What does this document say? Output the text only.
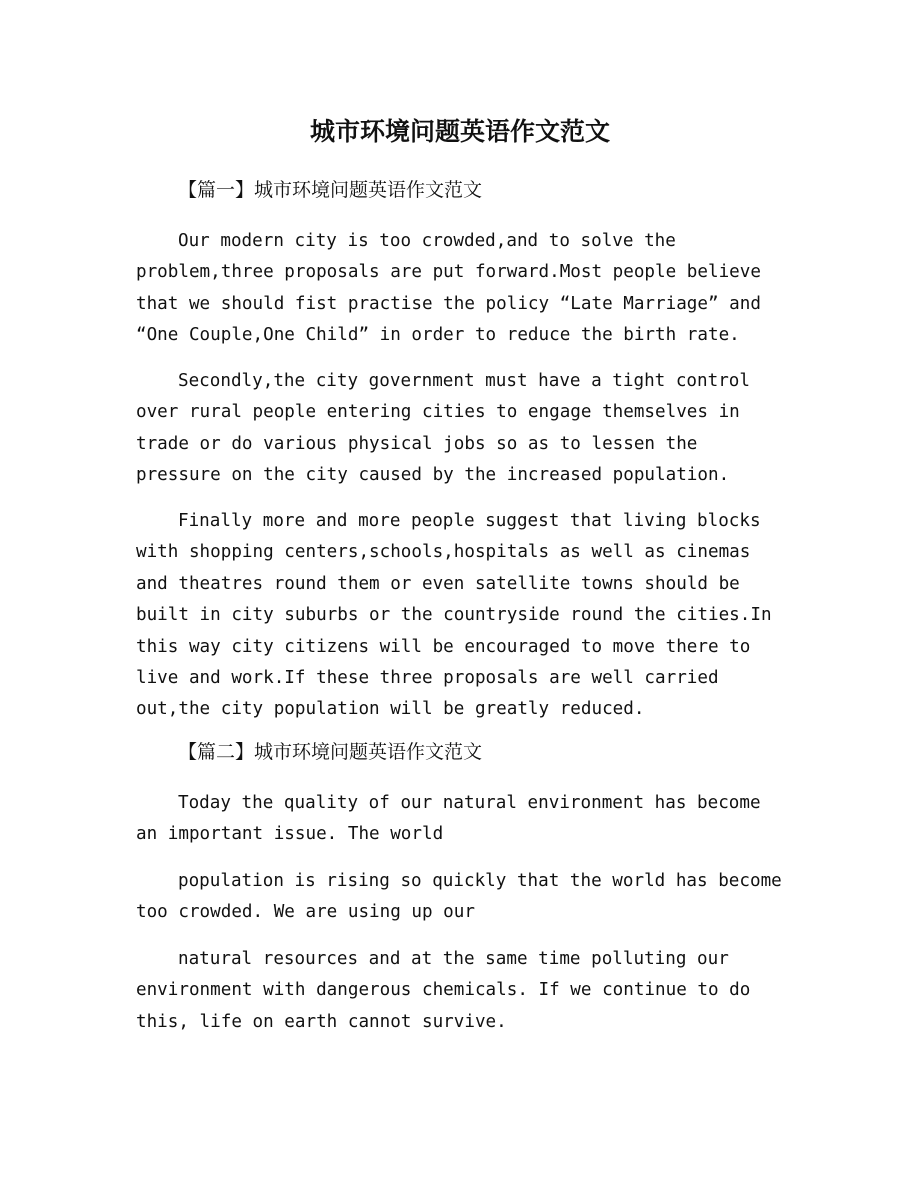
城市环境问题英语作文范文
【篇一】城市环境问题英语作文范文

Our modern city is too crowded,and to solve the
problem,three proposals are put forward.Most people believe
that we should fist practise the policy “Late Marriage” and
“One Couple,One Child” in order to reduce the birth rate.

Secondly,the city government must have a tight control
over rural people entering cities to engage themselves in
trade or do various physical jobs so as to lessen the
pressure on the city caused by the increased population.

Finally more and more people suggest that living blocks
with shopping centers,schools,hospitals as well as cinemas
and theatres round them or even satellite towns should be
built in city suburbs or the countryside round the cities.In
this way city citizens will be encouraged to move there to
live and work.If these three proposals are well carried
out,the city population will be greatly reduced.

【篇二】城市环境问题英语作文范文

Today the quality of our natural environment has become
an important issue. The world

population is rising so quickly that the world has become
too crowded. We are using up our

natural resources and at the same time polluting our
environment with dangerous chemicals. If we continue to do
this, life on earth cannot survive.
